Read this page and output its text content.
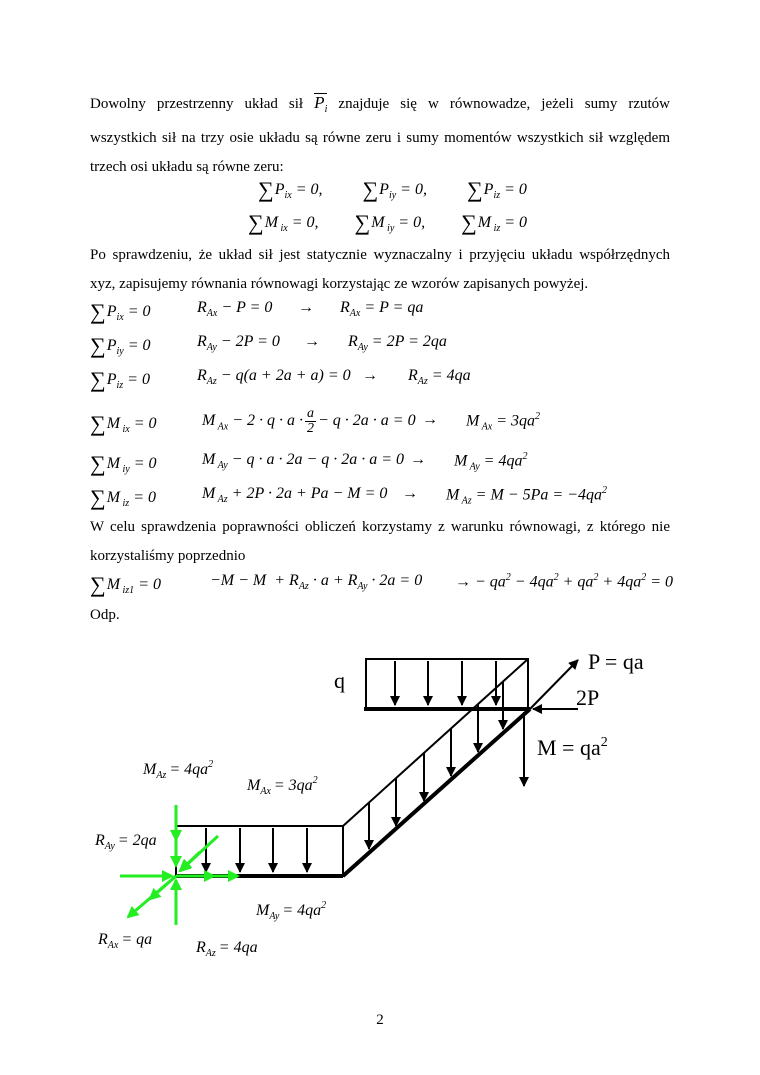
Dowolny przestrzenny układ sił $P_i$ znajduje się w równowadze, jeżeli sumy rzutów
wszystkich sił na trzy osie układu są równe zeru i sumy momentów wszystkich sił względem
trzech osi układu są równe zeru:
$\sum P_{ix} = 0$,  $\sum P_{iy} = 0$,  $\sum P_{iz} = 0$
∑M $_{ix}$ = 0,  ∑M $_{iy}$ = 0,  ∑M $_{iz}$ = 0
Po sprawdzeniu, że układ sił jest statycznie wyznaczalny i przyjęciu układu współrzędnych
xyz, zapisujemy równania równowagi korzystając ze wzorów zapisanych powyżej.
$\sum P_{ix} = 0$	$R_{Ax} - P = 0 \to R_{Ax} = P$ = qa
$\sum P_{iy} = 0$	$R_{Ay} - 2P = 0 \to R_{Ay} = 2P = 2qa$
$\sum P_{iz} = 0$	$R_{Az} - q(a + 2a + a) = 0 \to R_{Az} = 4qa$
∑M $_{ix}$ = 0	M $_{Ax} - 2 \cdot q \cdot a \cdot \frac{a}{2} - q \cdot 2a \cdot a = 0 \to M$ $_{Ax} = 3qa^2$
∑M $_{iy}$ = 0	M $_{Ay}$ − q · a · 2a − q · 2a · a = 0 → M $_{Ay} = 4qa^2$
∑M $_{iz}$ = 0	M $_{Az}$ + 2P · 2a + Pa − M = 0 → M $_{Az} = M - 5Pa = -4qa^2$
W celu sprawdzenia poprawności obliczeń korzystamy z warunku równowagi, z którego nie
korzystaliśmy poprzednio
∑M $_{iz1}$ = 0	$-M - M + R_{Az} \cdot a + R_{Ay} \cdot 2a = 0$ → − $qa^2 - 4qa^2 + qa^2 + 4qa^2 = 0$
Odp.
q
P = qa
2P
$M = qa^2$
$M_{Az} = 4qa^2$
$M_{Ax} = 3qa^2$
$R_{Ay} = 2qa$
$M_{Ay} = 4qa^2$
$R_{Ax}$ = qa	$R_{Az} = 4qa$
2
